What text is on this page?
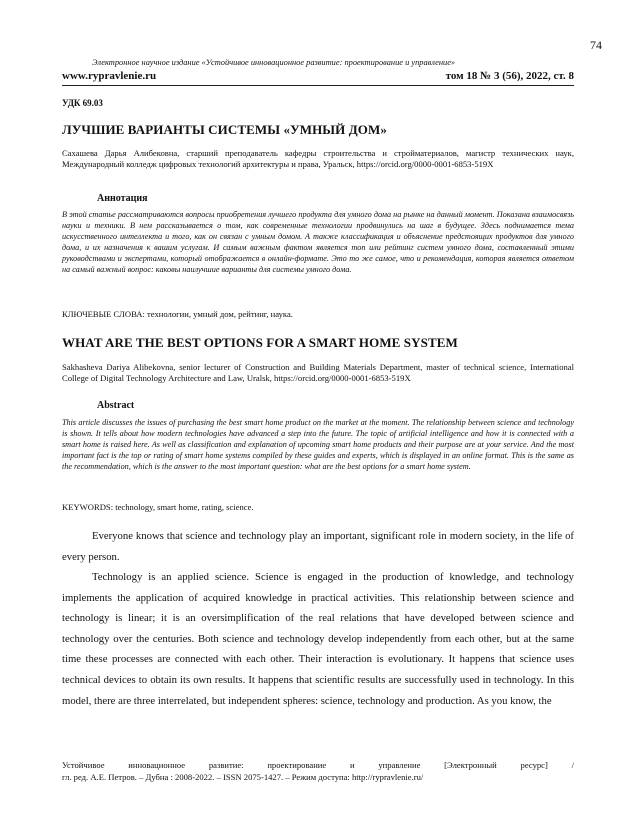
74
Электронное научное издание «Устойчивое инновационное развитие: проектирование и управление»
www.rypravlenie.ru	том 18 № 3 (56), 2022, ст. 8
УДК 69.03
ЛУЧШИЕ ВАРИАНТЫ СИСТЕМЫ «УМНЫЙ ДОМ»
Сахашева Дарья Алибековна, старший преподаватель кафедры строительства и стройматериалов, магистр технических наук, Международный колледж цифровых технологий архитектуры и права, Уральск, https://orcid.org/0000-0001-6853-519X
Аннотация
В этой статье рассматриваются вопросы приобретения лучшего продукта для умного дома на рынке на данный момент. Показана взаимосвязь науки и техники. В нем рассказывается о том, как современные технологии продвинулись на шаг в будущее. Здесь поднимается тема искусственного интеллекта и того, как он связан с умным домом. А также классификация и объяснение предстоящих продуктов для умного дома, и их назначения к вашим услугам. И самым важным фактом является топ или рейтинг систем умного дома, составленный этими руководствами и экспертами, который отображается в онлайн-формате. Это то же самое, что и рекомендация, которая является ответом на самый важный вопрос: каковы наилучшие варианты для системы умного дома.
КЛЮЧЕВЫЕ СЛОВА: технологии, умный дом, рейтинг, наука.
WHAT ARE THE BEST OPTIONS FOR A SMART HOME SYSTEM
Sakhasheva Dariya Alibekovna, senior lecturer of Construction and Building Materials Department, master of technical science, International College of Digital Technology Architecture and Law, Uralsk, https://orcid.org/0000-0001-6853-519X
Abstract
This article discusses the issues of purchasing the best smart home product on the market at the moment. The relationship between science and technology is shown. It tells about how modern technologies have advanced a step into the future. The topic of artificial intelligence and how it is connected with a smart home is raised here. As well as classification and explanation of upcoming smart home products and their purpose are at your service. And the most important fact is the top or rating of smart home systems compiled by these guides and experts, which is displayed in an online format. This is the same as the recommendation, which is the answer to the most important question: what are the best options for a smart home system.
KEYWORDS: technology, smart home, rating, science.
Everyone knows that science and technology play an important, significant role in modern society, in the life of every person.
Technology is an applied science. Science is engaged in the production of knowledge, and technology implements the application of acquired knowledge in practical activities. This relationship between science and technology is linear; it is an oversimplification of the real relations that have developed between science and technology over the centuries. Both science and technology develop independently from each other, but at the same time these processes are connected with each other. Their interaction is evolutionary. It happens that science uses technical devices to obtain its own results. It happens that scientific results are successfully used in technology. In this model, there are three interrelated, but independent spheres: science, technology and production. As you know, the
Устойчивое инновационное развитие: проектирование и управление [Электронный ресурс] /
гл. ред. А.Е. Петров. – Дубна : 2008-2022. – ISSN 2075-1427. – Режим доступа: http://rypravlenie.ru/
